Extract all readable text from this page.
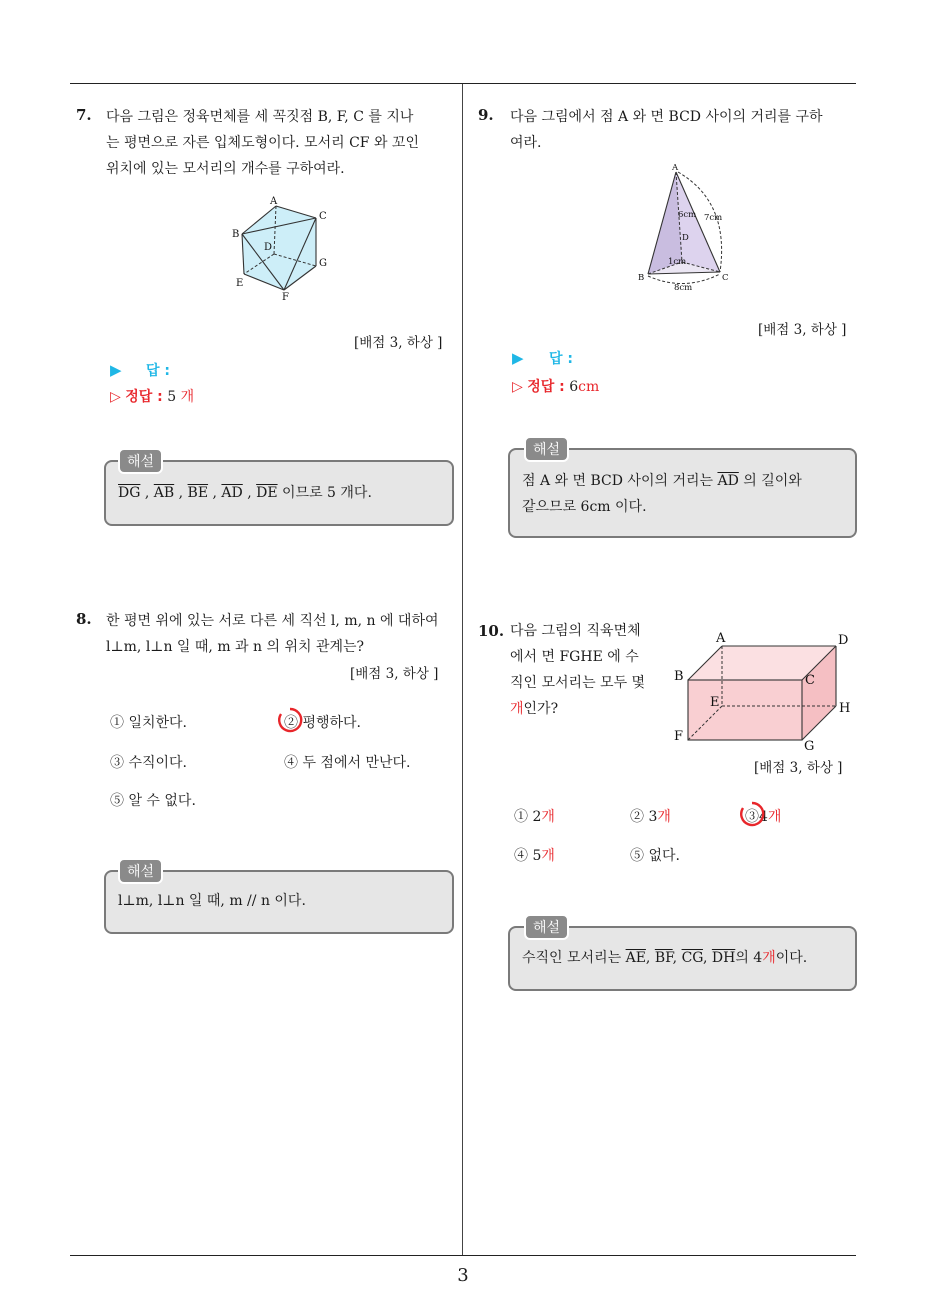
3
7. 다음 그림은 정육면체를 세 꼭짓점 B, F, C 를 지나
는 평면으로 자른 입체도형이다. 모서리 CF 와 꼬인
위치에 있는 모서리의 개수를 구하여라.
A
B
C
D
E
F
G
[배점 3, 하상 ]
▶ 답 :
▷ 정답 : 5 개
해설
$\overline{DG}$ , $\overline{AB}$ , $\overline{BE}$ , $\overline{AD}$ , $\overline{DE}$ 이므로 5 개다.
8. 한 평면 위에 있는 서로 다른 세 직선 l, m, n 에 대하여
l⊥m, l⊥n 일 때, m 과 n 의 위치 관계는?
[배점 3, 하상 ]
① 일치한다.	② 평행하다.
③ 수직이다.	④ 두 점에서 만난다.
⑤ 알 수 없다.
해설
l⊥m, l⊥n 일 때, m // n 이다.
9. 다음 그림에서 점 A 와 면 BCD 사이의 거리를 구하
여라.
A
B	C
D
6cm 7cm
1cm
8cm
[배점 3, 하상 ]
▶ 답 :
▷ 정답 : 6cm
해설
점 A 와 면 BCD 사이의 거리는 $\overline{AD}$ 의 길이와
같으므로 6cm 이다.
10. 다음 그림의 직육면체
에서 면 FGHE 에 수
직인 모서리는 모두 몇
개인가?
A
B	C
D
E
F
G
H
[배점 3, 하상 ]
① 2개	② 3개	③4개
④ 5개	⑤ 없다.
해설
수직인 모서리는 $\overline{AE}$, $\overline{BF}$, $\overline{CG}$, $\overline{DH}$의 4개이다.
